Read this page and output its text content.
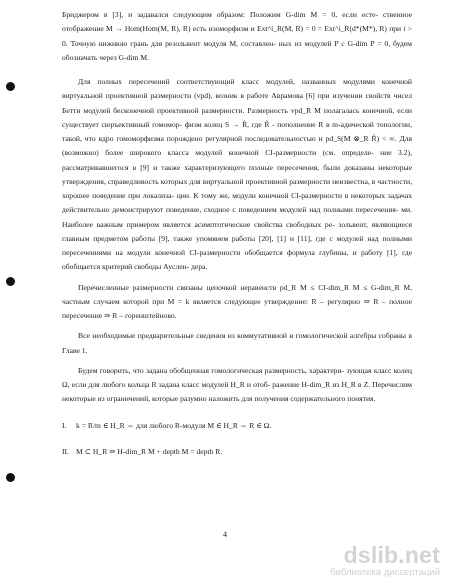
Бриджером в [3], и задавался следующим образом: Положим G-dim M = 0, если есте- ственное отображение M → Hom(Hom(M, R), R) есть изоморфизм и Ext^i_R(M, R) = 0 = Ext^i_R(d*(M*), R) при i > 0. Точную нижнюю грань для резольвент модуля M, составлен- ных из модулей P с G-dim P = 0, будем обозначать через G-dim M.

Для полных пересечений соответствующий класс модулей, названных модулями конечной виртуальной проективной размерности (vpd), возник в работе Аврамова [6] при изучении свойств чисел Бетти модулей бесконечной проективной размерности. Размерность vpd_R M полагалась конечной, если существует сюръективный гомомор- физм колец S → R̂, где R̂ - пополнение R в m-адической топологии, такой, что ядро гомоморфизма порождено регулярной последовательностью и pd_S(M ⊗_R R̂) < ∞. Для (возможно) более широкого класса модулей конечной CI-размерности (см. определе- ние 3.2), рассматривавшегося в [9] и также характеризующего полные пересечения, были доказаны некоторые утверждения, справедливость которых для виртуальной проективной размерности неизвестна, в частности, хорошее поведение при локализа- ции. К тому же, модули конечной CI-размерности в некоторых задачах действительно демонстрируют поведение, сходное с поведением модулей над полными пересечения- ми. Наиболее важным примером является асимптотические свойства свободных ре- зольвент, являющиеся главным предметом работы [9], также упомянем работы [20], [1] и [11], где с модулей над полными пересечениями на модули конечной CI-размерности обобщается формула глубины, и работу [1], где обобщается критерий свободы Ауслен- дера.

Перечисленные размерности связаны цепочкой неравенств pd_R M ≤ CI-dim_R M ≤ G-dim_R M, частным случаем которой при M = k является следующее утверждение: R – регулярно ⇒ R – полное пересечение ⇒ R – горенштейново.

Все необходимые предварительные сведения из коммутативной и гомологической алгебры собраны в Главе 1.

Будем говорить, что задана обобщенная гомологическая размерность, характери- зующая класс колец Ω, если для любого кольца R задана класс модулей H_R и отоб- ражение H-dim_R из H_R в Z. Перечислим некоторые из ограничений, которые разумно наложить для получения содержательного понятия.

I. k = R/m ∈ H_R ⇔ для любого R-модуля M ∈ H_R ⇔ R ∈ Ω.

II. M ⊂ H_R ⇒ H-dim_R M + depth M = depth R.

4
dslib.net
библиотека диссертаций
